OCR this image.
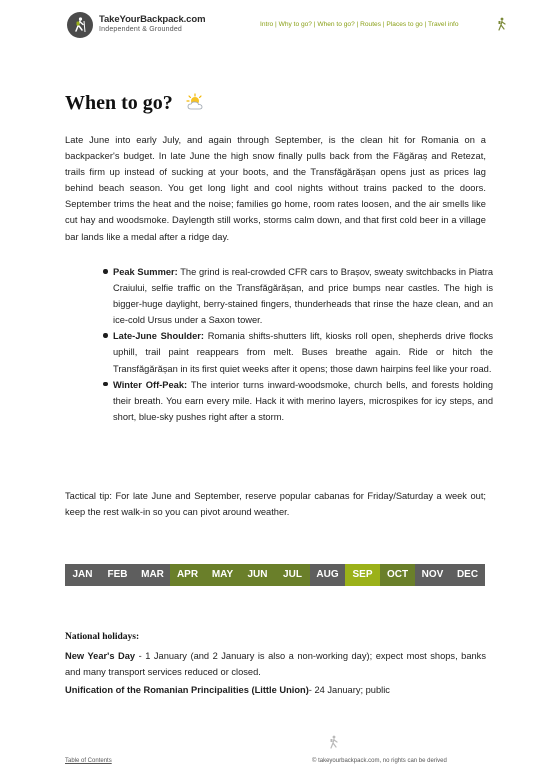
TakeYourBackpack.com
Independent & Grounded
Intro | Why to go? | When to go? | Routes | Places to go | Travel info
When to go?

Late June into early July, and again through September, is the clean hit for Romania on a backpacker's budget. In late June the high snow finally pulls back from the Făgăraș and Retezat, trails firm up instead of sucking at your boots, and the Transfăgărășan opens just as prices lag behind beach season. You get long light and cool nights without trains packed to the doors. September trims the heat and the noise; families go home, room rates loosen, and the air smells like cut hay and woodsmoke. Daylength still works, storms calm down, and that first cold beer in a village bar lands like a medal after a ridge day.

Peak Summer: The grind is real-crowded CFR cars to Brașov, sweaty switchbacks in Piatra Craiului, selfie traffic on the Transfăgărășan, and price bumps near castles. The high is bigger-huge daylight, berry-stained fingers, thunderheads that rinse the haze clean, and an ice-cold Ursus under a Saxon tower.
Late-June Shoulder: Romania shifts-shutters lift, kiosks roll open, shepherds drive flocks uphill, trail paint reappears from melt. Buses breathe again. Ride or hitch the Transfăgărășan in its first quiet weeks after it opens; those dawn hairpins feel like your road.
Winter Off-Peak: The interior turns inward-woodsmoke, church bells, and forests holding their breath. You earn every mile. Hack it with merino layers, microspikes for icy steps, and short, blue-sky pushes right after a storm.

Tactical tip: For late June and September, reserve popular cabanas for Friday/Saturday a week out; keep the rest walk-in so you can pivot around weather.

JAN	FEB	MAR	APR	MAY	JUN	JUL	AUG	SEP	OCT	NOV	DEC

National holidays:

New Year's Day - 1 January (and 2 January is also a non-working day); expect most shops, banks and many transport services reduced or closed.

Unification of the Romanian Principalities (Little Union)- 24 January; public

Table of Contents	© takeyourbackpack.com, no rights can be derived
